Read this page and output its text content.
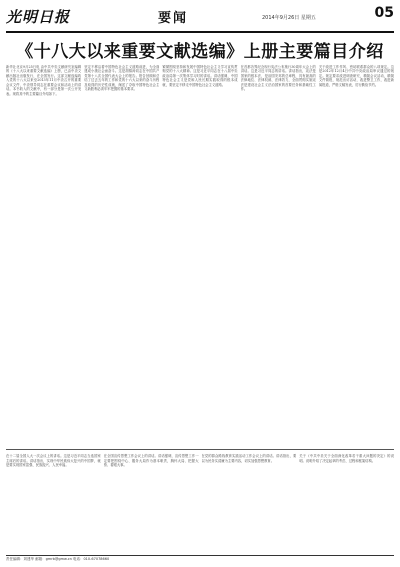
光明日报	要闻	2014年9月26日 星期五	05
《十八大以来重要文献选编》上册主要篇目介绍
新华社北京9月25日电 由中共中央文献研究室编辑的《十八大以来重要文献选编》上册，已由中央文献出版社出版发行，在全国发行。这部文献选编收入党的十八大以来至2013年11月中央召开的重要会议文件，中央领导同志在重要会议和活动上的讲话。本书收入的文献中，有一部分是第一次公开发表。现将其中的主要篇目介绍如下。
坚定不移沿着中国特色社会主义道路前进，为全面建成小康社会而奋斗。这是胡锦涛同志在中国共产党第十八次全国代表大会上的报告。报告回顾和总结了过去五年的工作和党的十六大以来的奋斗历程及取得的历史性成就，阐述了夺取中国特色社会主义新胜利必须牢牢把握的基本要求。
紧紧围绕坚持和发展中国特色社会主义学习宣传贯彻党的十八大精神。这是习近平同志在十八届中央政治局第一次集体学习时的讲话。讲话强调，中国特色社会主义是党和人民长期实践取得的根本成就，要坚定不移走中国特色社会主义道路。
在首都各界纪念现行宪法公布施行30周年大会上的讲话。这是习近平同志的讲话。讲话指出，宪法是国家的根本法，是治国安邦的总章程，具有最高的法律地位、法律权威、法律效力，全面贯彻实施宪法是建设社会主义法治国家的首要任务和基础性工作。
关于改进工作作风、密切联系群众的八项规定。这是2012年12月4日中共中央政治局审议通过的规定。规定要求改进调查研究，精简会议活动，精简文件简报，规范出访活动，改进警卫工作，改进新闻报道，严格文稿发表，厉行勤俭节约。
在十二届全国人大一次会议上的讲话。这是习近平同志当选国家主席后的讲话。讲话指出，实现中华民族伟大复兴的中国梦，就是要实现国家富强、民族振兴、人民幸福。
在全国宣传思想工作会议上的讲话。讲话强调，宣传思想工作一定要把围绕中心、服务大局作为基本职责，胸怀大局、把握大势、着眼大事。
在党的群众路线教育实践活动工作会议上的讲话。讲话指出，要以为民务实清廉为主要内容，切实加强思想教育。
关于《中共中央关于全面深化改革若干重大问题的决定》的说明。说明介绍了决定起草的考虑、过程和框架结构。
责任编辑：刘建华 邮箱：gmrb@gmw.cn 电话：010-67078660
